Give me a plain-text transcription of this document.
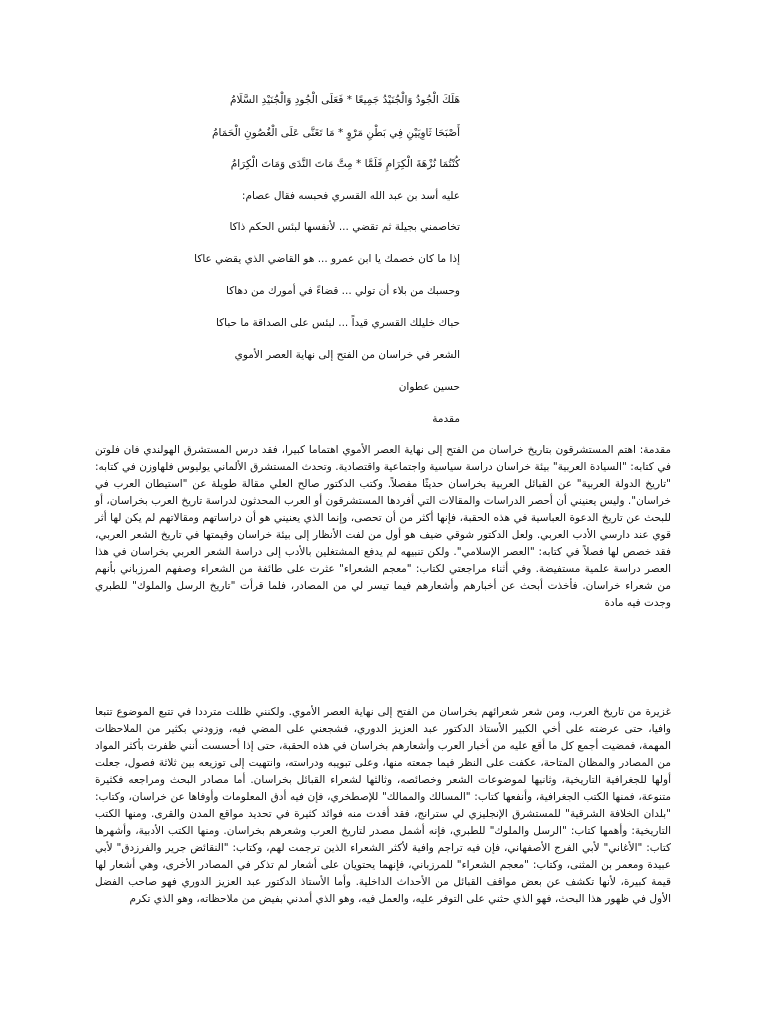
هَلَكَ الْجُودُ وَالْجُنَيْدُ جَمِيعًا * فَعَلَى الْجُودِ وَالْجُنَيْدِ السَّلَامُ
أَصْبَحَا ثَاوِيَيْنِ فِي بَطْنِ مَرْوٍ * مَا تَغَنَّى عَلَى الْغُصُونِ الْحَمَامُ
كُنْتُمَا نُزْهَةَ الْكِرَامِ فَلَمَّا * مِتَّ مَاتَ النَّدَى وَمَاتَ الْكِرَامُ
عليه أسد بن عبد الله القسري فحبسه فقال عصام:
تخاصمني بجيلة ثم تقضي ... لأنفسها لبئس الحكم ذاكا
إذا ما كان خصمك يا ابن عمرو ... هو القاضي الذي يقضي عاكا
وحسبك من بلاء أن تولي ... قضاءً في أمورك من دهاكا
حباك خليلك القسري قيداً ... لبئس على الصداقة ما حباكا
الشعر في خراسان من الفتح إلى نهاية العصر الأموي
حسين عطوان
مقدمة

مقدمة: اهتم المستشرقون بتاريخ خراسان من الفتح إلى نهاية العصر الأموي اهتماما كبيرا، فقد درس المستشرق الهولندي فان فلوتن في كتابه: "السيادة العربية" بيئة خراسان دراسة سياسية واجتماعية واقتصادية. وتحدث المستشرق الألماني يوليوس فلهاوزن في كتابه: "تاريخ الدولة العربية" عن القبائل العربية بخراسان حديثًا مفصلاً. وكتب الدكتور صالح العلي مقالة طويلة عن "استيطان العرب في خراسان". وليس يعنيني أن أحصر الدراسات والمقالات التي أفردها المستشرقون أو العرب المحدثون لدراسة تاريخ العرب بخراسان، أو للبحث عن تاريخ الدعوة العباسية في هذه الحقبة، فإنها أكثر من أن تحصى، وإنما الذي يعنيني هو أن دراساتهم ومقالاتهم لم يكن لها أثر قوي عند دارسي الأدب العربي. ولعل الدكتور شوقي ضيف هو أول من لفت الأنظار إلى بيئة خراسان وقيمتها في تاريخ الشعر العربي، فقد خصص لها فصلاً في كتابه: "العصر الإسلامي". ولكن تنبيهه لم يدفع المشتغلين بالأدب إلى دراسة الشعر العربي بخراسان في هذا العصر دراسة علمية مستفيضة. وفي أثناء مراجعتي لكتاب: "معجم الشعراء" عثرت على طائفة من الشعراء وصفهم المرزباني بأنهم من شعراء خراسان. فأخذت أبحث عن أخبارهم وأشعارهم فيما تيسر لي من المصادر، فلما قرأت "تاريخ الرسل والملوك" للطبري وجدت فيه مادة

غزيرة من تاريخ العرب، ومن شعر شعرائهم بخراسان من الفتح إلى نهاية العصر الأموي. ولكنني ظللت مترددا في تتبع الموضوع تتبعا وافيا، حتى عرضته على أخي الكبير الأستاذ الدكتور عبد العزيز الدوري، فشجعني على المضي فيه، وزودني بكثير من الملاحظات المهمة، فمضيت أجمع كل ما أقع عليه من أخبار العرب وأشعارهم بخراسان في هذه الحقبة، حتى إذا أحسست أنني ظفرت بأكثر المواد من المصادر والمظان المتاحة، عكفت على النظر فيما جمعته منها، وعلى تبويبه ودراسته، وانتهيت إلى توزيعه بين ثلاثة فصول، جعلت أولها للجغرافية التاريخية، وثانيها لموضوعات الشعر وخصائصه، وثالثها لشعراء القبائل بخراسان. أما مصادر البحث ومراجعه فكثيرة متنوعة، فمنها الكتب الجغرافية، وأنفعها كتاب: "المسالك والممالك" للإصطخري، فإن فيه أدق المعلومات وأوفاها عن خراسان، وكتاب: "بلدان الخلافة الشرقية" للمستشرق الإنجليزي لي سترانج، فقد أفدت منه فوائد كثيرة في تحديد مواقع المدن والقرى. ومنها الكتب التاريخية: وأهمها كتاب: "الرسل والملوك" للطبري، فإنه أشمل مصدر لتاريخ العرب وشعرهم بخراسان. ومنها الكتب الأدبية، وأشهرها كتاب: "الأغاني" لأبي الفرج الأصفهاني، فإن فيه تراجم وافية لأكثر الشعراء الذين ترجمت لهم، وكتاب: "النقائض جرير والفرزدق" لأبي عبيدة ومعمر بن المثنى، وكتاب: "معجم الشعراء" للمرزباني، فإنهما يحتويان على أشعار لم تذكر في المصادر الأخرى، وهي أشعار لها قيمة كبيرة، لأنها تكشف عن بعض مواقف القبائل من الأحداث الداخلية. وأما الأستاذ الدكتور عبد العزيز الدوري فهو صاحب الفضل الأول في ظهور هذا البحث، فهو الذي حثني على التوفر عليه، والعمل فيه، وهو الذي أمدني بفيض من ملاحظاته، وهو الذي تكرم
